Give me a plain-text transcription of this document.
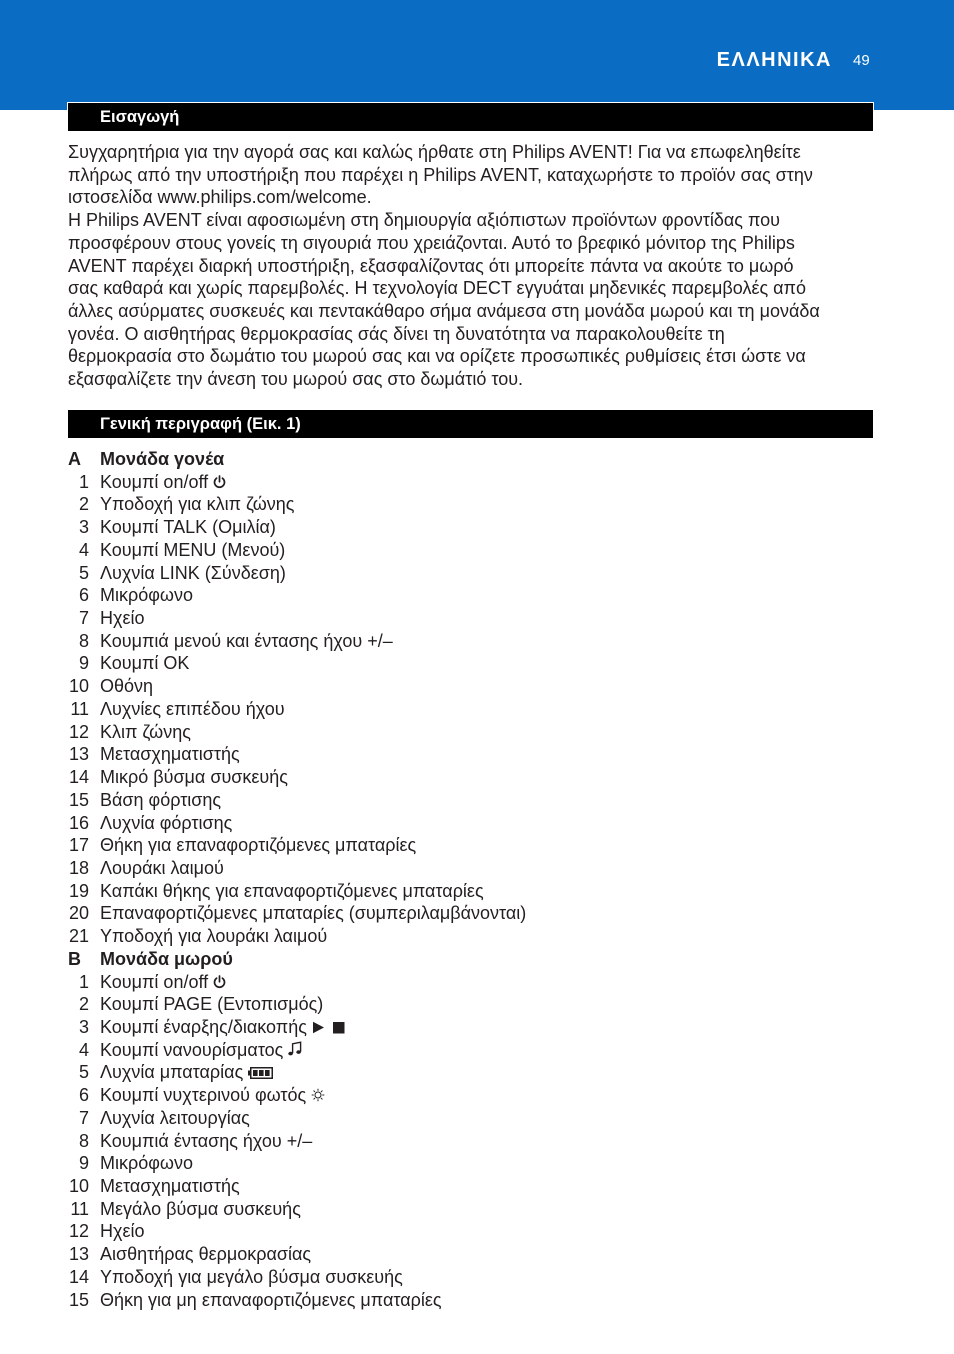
ΕΛΛΗΝΙΚΑ 49
Εισαγωγή
Συγχαρητήρια για την αγορά σας και καλώς ήρθατε στη Philips AVENT! Για να επωφεληθείτε
πλήρως από την υποστήριξη που παρέχει η Philips AVENT, καταχωρήστε το προϊόν σας στην
ιστοσελίδα www.philips.com/welcome.
Η Philips AVENT είναι αφοσιωμένη στη δημιουργία αξιόπιστων προϊόντων φροντίδας που
προσφέρουν στους γονείς τη σιγουριά που χρειάζονται. Αυτό το βρεφικό μόνιτορ της Philips
AVENT παρέχει διαρκή υποστήριξη, εξασφαλίζοντας ότι μπορείτε πάντα να ακούτε το μωρό
σας καθαρά και χωρίς παρεμβολές. Η τεχνολογία DECT εγγυάται μηδενικές παρεμβολές από
άλλες ασύρματες συσκευές και πεντακάθαρο σήμα ανάμεσα στη μονάδα μωρού και τη μονάδα
γονέα. Ο αισθητήρας θερμοκρασίας σάς δίνει τη δυνατότητα να παρακολουθείτε τη
θερμοκρασία στο δωμάτιο του μωρού σας και να ορίζετε προσωπικές ρυθμίσεις έτσι ώστε να
εξασφαλίζετε την άνεση του μωρού σας στο δωμάτιό του.
Γενική περιγραφή (Εικ. 1)
A Μονάδα γονέα
1 Κουμπί on/off
2 Υποδοχή για κλιπ ζώνης
3 Κουμπί TALK (Ομιλία)
4 Κουμπί MENU (Μενού)
5 Λυχνία LINK (Σύνδεση)
6 Μικρόφωνο
7 Ηχείο
8 Κουμπιά μενού και έντασης ήχου +/–
9 Κουμπί OK
10 Οθόνη
11 Λυχνίες επιπέδου ήχου
12 Κλιπ ζώνης
13 Μετασχηματιστής
14 Μικρό βύσμα συσκευής
15 Βάση φόρτισης
16 Λυχνία φόρτισης
17 Θήκη για επαναφορτιζόμενες μπαταρίες
18 Λουράκι λαιμού
19 Καπάκι θήκης για επαναφορτιζόμενες μπαταρίες
20 Επαναφορτιζόμενες μπαταρίες (συμπεριλαμβάνονται)
21 Υποδοχή για λουράκι λαιμού
B Μονάδα μωρού
1 Κουμπί on/off
2 Κουμπί PAGE (Εντοπισμός)
3 Κουμπί έναρξης/διακοπής
4 Κουμπί νανουρίσματος
5 Λυχνία μπαταρίας
6 Κουμπί νυχτερινού φωτός
7 Λυχνία λειτουργίας
8 Κουμπιά έντασης ήχου +/–
9 Μικρόφωνο
10 Μετασχηματιστής
11 Μεγάλο βύσμα συσκευής
12 Ηχείο
13 Αισθητήρας θερμοκρασίας
14 Υποδοχή για μεγάλο βύσμα συσκευής
15 Θήκη για μη επαναφορτιζόμενες μπαταρίες
